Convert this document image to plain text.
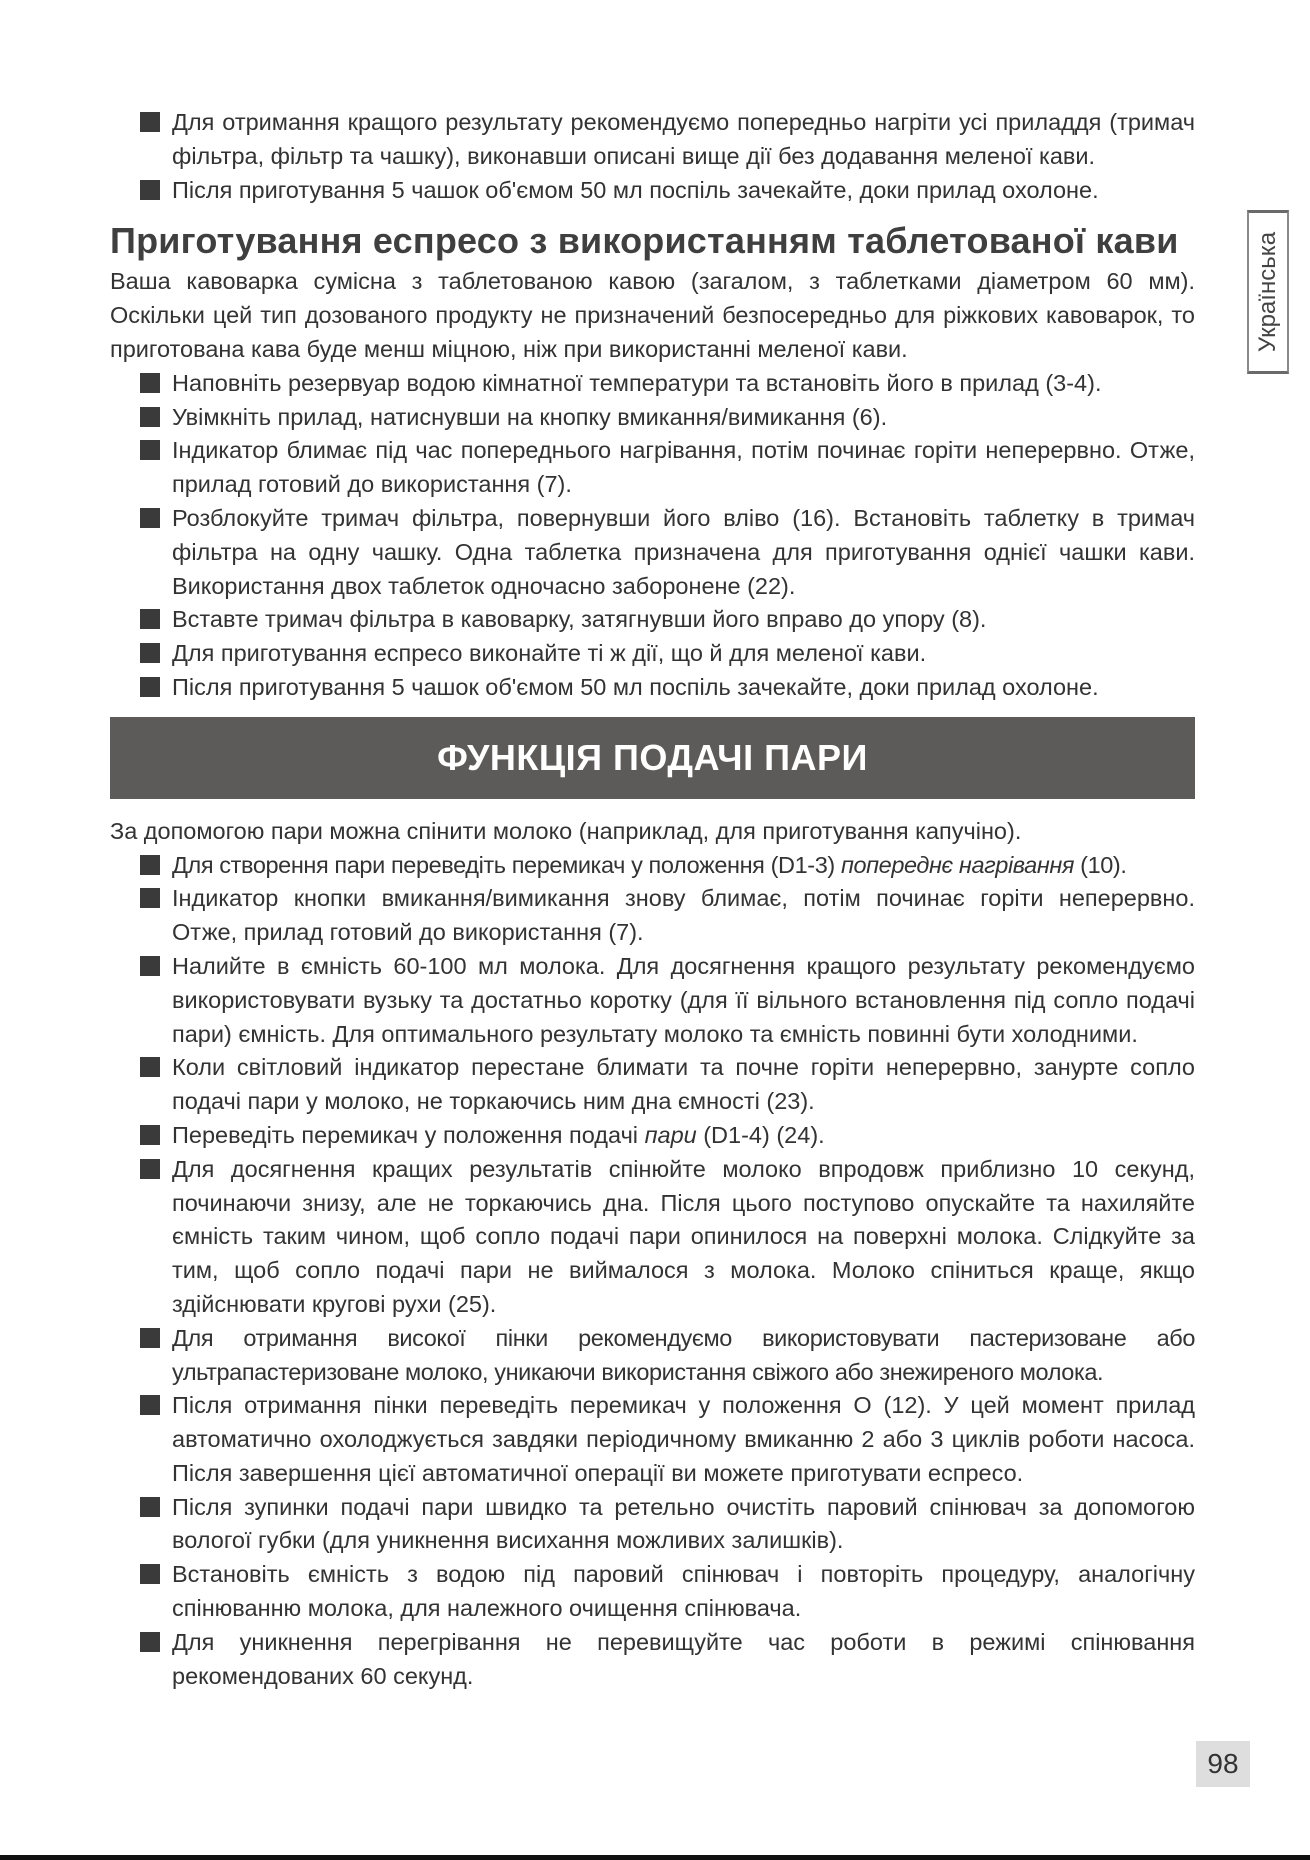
Українська
Для отримання кращого результату рекомендуємо попередньо нагріти усі приладдя (тримач фільтра, фільтр та чашку), виконавши описані вище дії без додавання меленої кави.
Після приготування 5 чашок об'ємом 50 мл поспіль зачекайте, доки прилад охолоне.
Приготування еспресо з використанням таблетованої кави
Ваша кавоварка сумісна з таблетованою кавою (загалом, з таблетками діаметром 60 мм). Оскільки цей тип дозованого продукту не призначений безпосередньо для ріжкових кавоварок, то приготована кава буде менш міцною, ніж при використанні меленої кави.
Наповніть резервуар водою кімнатної температури та встановіть його в прилад (3-4).
Увімкніть прилад, натиснувши на кнопку вмикання/вимикання (6).
Індикатор блимає під час попереднього нагрівання, потім починає горіти неперервно. Отже, прилад готовий до використання (7).
Розблокуйте тримач фільтра, повернувши його вліво (16). Встановіть таблетку в тримач фільтра на одну чашку. Одна таблетка призначена для приготування однієї чашки кави. Використання двох таблеток одночасно заборонене (22).
Вставте тримач фільтра в кавоварку, затягнувши його вправо до упору (8).
Для приготування еспресо виконайте ті ж дії, що й для меленої кави.
Після приготування 5 чашок об'ємом 50 мл поспіль зачекайте, доки прилад охолоне.
ФУНКЦІЯ ПОДАЧІ ПАРИ
За допомогою пари можна спінити молоко (наприклад, для приготування капучіно).
Для створення пари переведіть перемикач у положення (D1-3) попереднє нагрівання (10).
Індикатор кнопки вмикання/вимикання знову блимає, потім починає горіти неперервно. Отже, прилад готовий до використання (7).
Налийте в ємність 60-100 мл молока. Для досягнення кращого результату рекомендуємо використовувати вузьку та достатньо коротку (для її вільного встановлення під сопло подачі пари) ємність. Для оптимального результату молоко та ємність повинні бути холодними.
Коли світловий індикатор перестане блимати та почне горіти неперервно, занурте сопло подачі пари у молоко, не торкаючись ним дна ємності (23).
Переведіть перемикач у положення подачі пари (D1-4) (24).
Для досягнення кращих результатів спінюйте молоко впродовж приблизно 10 секунд, починаючи знизу, але не торкаючись дна. Після цього поступово опускайте та нахиляйте ємність таким чином, щоб сопло подачі пари опинилося на поверхні молока. Слідкуйте за тим, щоб сопло подачі пари не виймалося з молока. Молоко спіниться краще, якщо здійснювати кругові рухи (25).
Для отримання високої пінки рекомендуємо використовувати пастеризоване або ультрапастеризоване молоко, уникаючи використання свіжого або знежиреного молока.
Після отримання пінки переведіть перемикач у положення O (12). У цей момент прилад автоматично охолоджується завдяки періодичному вмиканню 2 або 3 циклів роботи насоса. Після завершення цієї автоматичної операції ви можете приготувати еспресо.
Після зупинки подачі пари швидко та ретельно очистіть паровий спінювач за допомогою вологої губки (для уникнення висихання можливих залишків).
Встановіть ємність з водою під паровий спінювач і повторіть процедуру, аналогічну спінюванню молока, для належного очищення спінювача.
Для уникнення перегрівання не перевищуйте час роботи в режимі спінювання рекомендованих 60 секунд.
98
